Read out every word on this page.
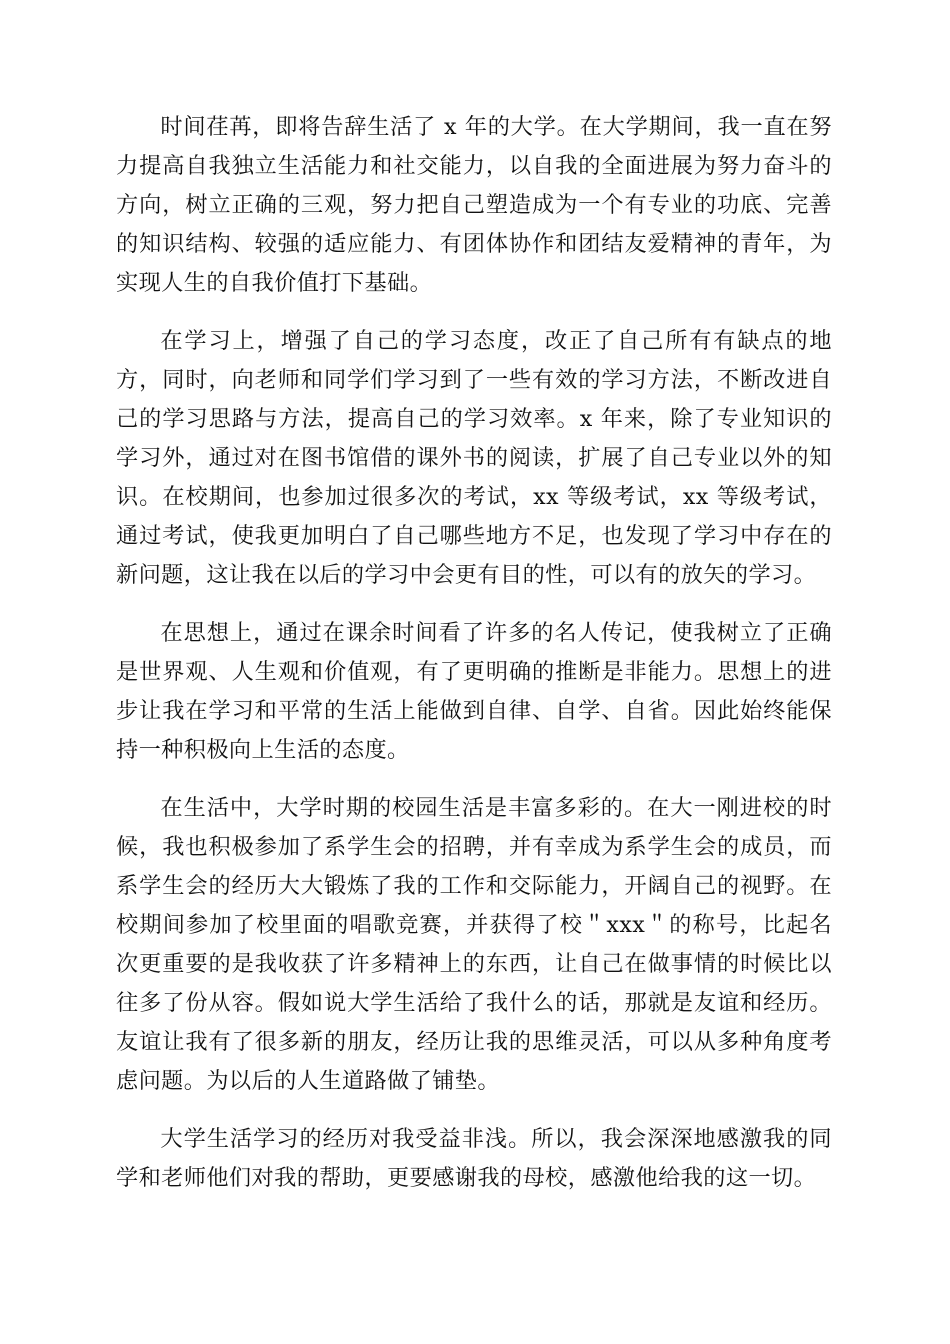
时间荏苒，即将告辞生活了 x 年的大学。在大学期间，我一直在努力提高自我独立生活能力和社交能力，以自我的全面进展为努力奋斗的方向，树立正确的三观，努力把自己塑造成为一个有专业的功底、完善的知识结构、较强的适应能力、有团体协作和团结友爱精神的青年，为实现人生的自我价值打下基础。

在学习上，增强了自己的学习态度，改正了自己所有有缺点的地方，同时，向老师和同学们学习到了一些有效的学习方法，不断改进自己的学习思路与方法，提高自己的学习效率。x 年来，除了专业知识的学习外，通过对在图书馆借的课外书的阅读，扩展了自己专业以外的知识。在校期间，也参加过很多次的考试，xx 等级考试，xx 等级考试，通过考试，使我更加明白了自己哪些地方不足，也发现了学习中存在的新问题，这让我在以后的学习中会更有目的性，可以有的放矢的学习。

在思想上，通过在课余时间看了许多的名人传记，使我树立了正确是世界观、人生观和价值观，有了更明确的推断是非能力。思想上的进步让我在学习和平常的生活上能做到自律、自学、自省。因此始终能保持一种积极向上生活的态度。

在生活中，大学时期的校园生活是丰富多彩的。在大一刚进校的时候，我也积极参加了系学生会的招聘，并有幸成为系学生会的成员，而系学生会的经历大大锻炼了我的工作和交际能力，开阔自己的视野。在校期间参加了校里面的唱歌竞赛，并获得了校＂xxx＂的称号，比起名次更重要的是我收获了许多精神上的东西，让自己在做事情的时候比以往多了份从容。假如说大学生活给了我什么的话，那就是友谊和经历。友谊让我有了很多新的朋友，经历让我的思维灵活，可以从多种角度考虑问题。为以后的人生道路做了铺垫。

大学生活学习的经历对我受益非浅。所以，我会深深地感激我的同学和老师他们对我的帮助，更要感谢我的母校，感激他给我的这一切。
